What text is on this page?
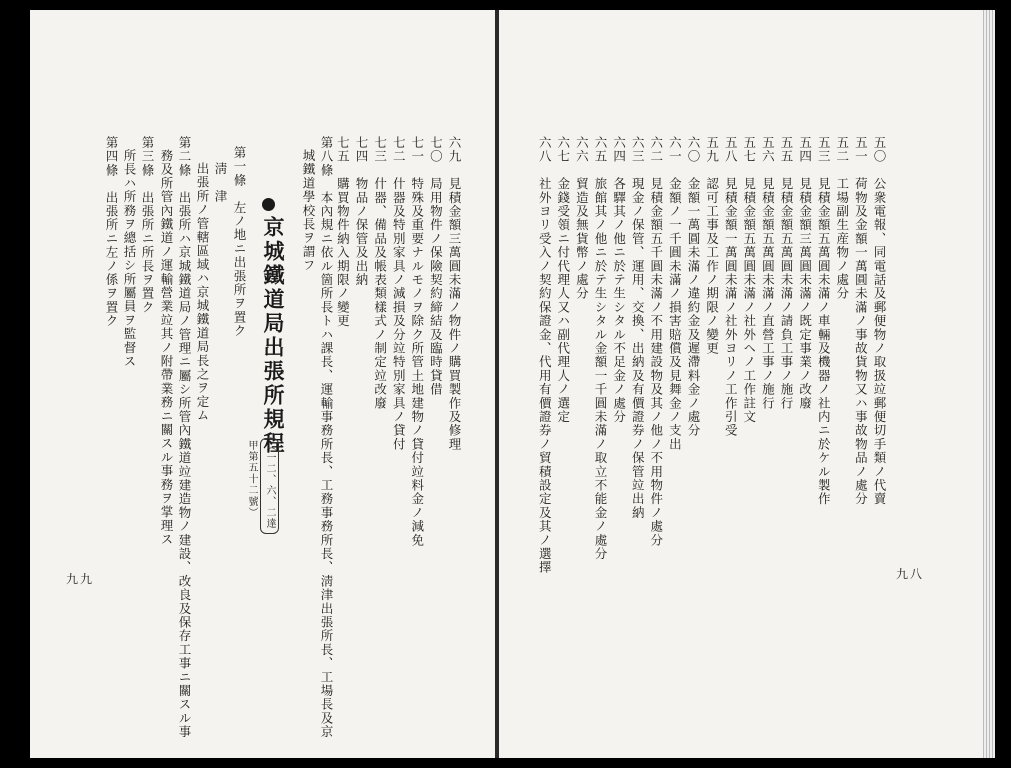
五〇　公衆電報、同電話及郵便物ノ取扱竝郵便切手類ノ代賣
五一　荷物及金額一萬圓未滿ノ事故貨物又ハ事故物品ノ處分
五二　工場副生産物ノ處分
五三　見積金額五萬圓未滿ノ車輛及機器ノ社内ニ於ケル製作
五四　見積金額三萬圓未滿ノ既定事業ノ改廢
五五　見積金額五萬圓未滿ノ請負工事ノ施行
五六　見積金額五萬圓未滿ノ直營工事ノ施行
五七　見積金額五萬圓未滿ノ社外ヘノ工作註文
五八　見積金額一萬圓未滿ノ社外ヨリノ工作引受
五九　認可工事及工作ノ期限ノ變更
六〇　金額一萬圓未滿ノ違約金及遲滯料金ノ處分
六一　金額ノ一千圓未滿ノ損害賠償及見舞金ノ支出
六二　見積金額五千圓未滿ノ不用建設物及其ノ他ノ不用物件ノ處分
六三　現金ノ保管、運用、交換、出納及有價證券ノ保管竝出納
六四　各驛其ノ他ニ於テ生シタル不足金ノ處分
六五　旅館其ノ他ニ於テ生シタル金額一千圓未滿ノ取立不能金ノ處分
六六　貿造及無貨幣ノ處分
六七　金錢受領ニ付代理人又ハ副代理人ノ選定
六八　社外ヨリ受入ノ契約保證金、代用有價證券ノ貿積設定及其ノ選擇	九八
六九　見積金額三萬圓未滿ノ物件ノ購買製作及修理
七〇　局用物件ノ保險契約締結及臨時貸借
七一　特殊及重要ナルモノヲ除ク所管土地建物ノ貸付竝料金ノ減免
七二　什器及特別家具ノ減損及分竝特別家具ノ貸付
七三　什器、備品及帳表類樣式ノ制定竝改廢
七四　物品ノ保管及出納
七五　購買物件納入期限ノ變更
第八條　本內規ニ依ル箇所長トハ課長、運輸事務所長、工務事務所長、淸津出張所長、工場長及京
城鐵道學校長ヲ謂フ
京城鐵道局出張所規程
（一二、六、二達
甲第五十二號）
第一條　左ノ地ニ出張所ヲ置ク
淸　津
出張所ノ管轄區域ハ京城鐵道局長之ヲ定ム
第二條　出張所ハ京城鐵道局ノ管理ニ屬シ所管內鐵道竝建造物ノ建設、改良及保存工事ニ關スル事
務及所管內鐵道ノ運輸營業竝其ノ附帶業務ニ關スル事務ヲ掌理ス
第三條　出張所ニ所長ヲ置ク
所長ハ所務ヲ總括シ所屬員ヲ監督ス
第四條　出張所ニ左ノ係ヲ置ク
九九
